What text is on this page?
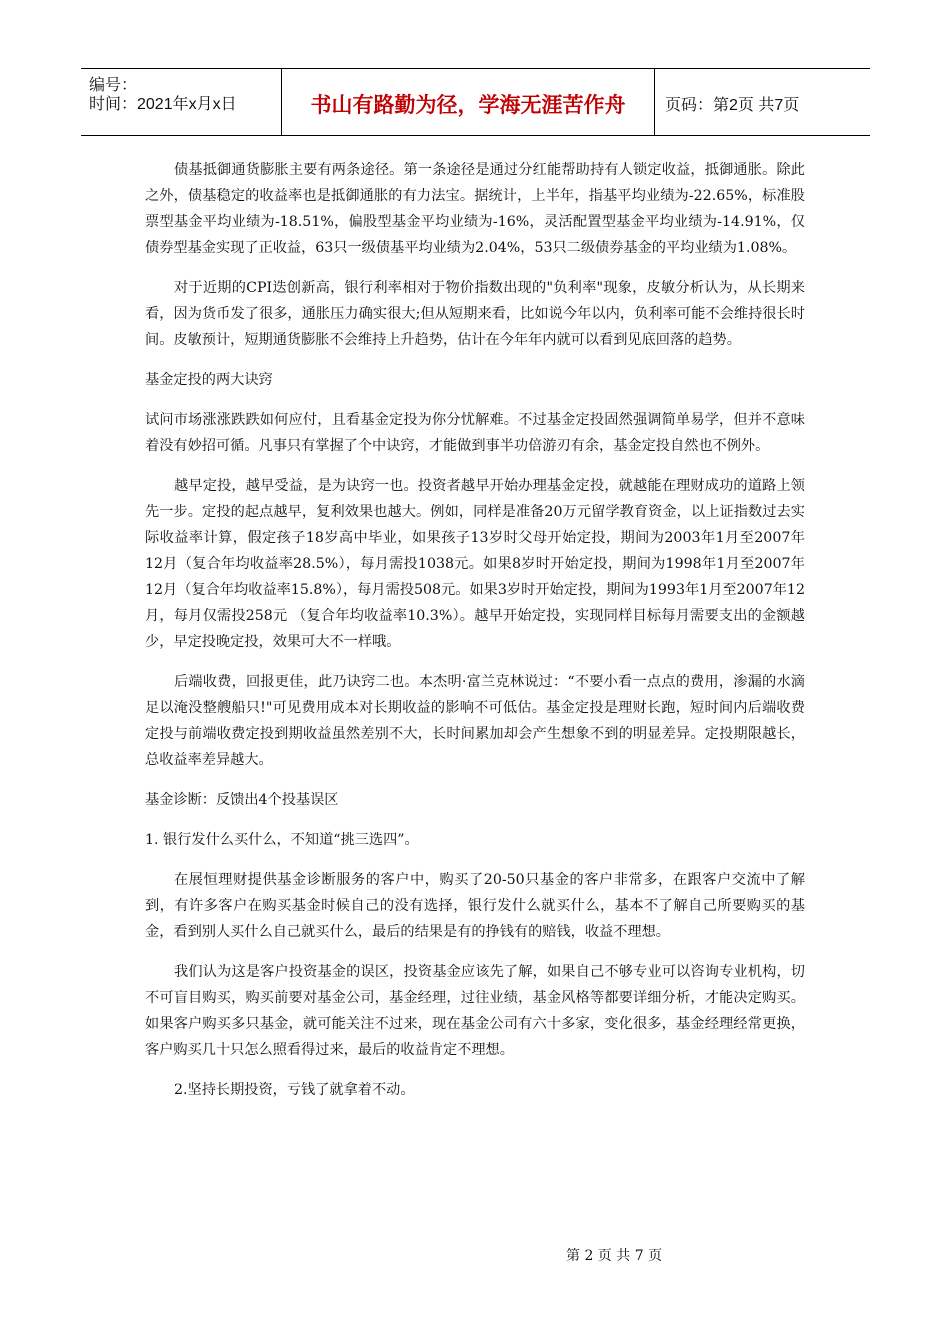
编号：
时间：2021年x月x日	书山有路勤为径，学海无涯苦作舟	页码：第2页 共7页

债基抵御通货膨胀主要有两条途径。第一条途径是通过分红能帮助持有人锁定收益，抵御通胀。除此之外，债基稳定的收益率也是抵御通胀的有力法宝。据统计，上半年，指基平均业绩为-22.65%，标准股票型基金平均业绩为-18.51%，偏股型基金平均业绩为-16%，灵活配置型基金平均业绩为-14.91%，仅债券型基金实现了正收益，63只一级债基平均业绩为2.04%，53只二级债券基金的平均业绩为1.08%。

对于近期的CPI迭创新高，银行利率相对于物价指数出现的"负利率"现象，皮敏分析认为，从长期来看，因为货币发了很多，通胀压力确实很大;但从短期来看，比如说今年以内，负利率可能不会维持很长时间。皮敏预计，短期通货膨胀不会维持上升趋势，估计在今年年内就可以看到见底回落的趋势。

基金定投的两大诀窍

试问市场涨涨跌跌如何应付，且看基金定投为你分忧解难。不过基金定投固然强调简单易学，但并不意味着没有妙招可循。凡事只有掌握了个中诀窍，才能做到事半功倍游刃有余，基金定投自然也不例外。

越早定投，越早受益，是为诀窍一也。投资者越早开始办理基金定投，就越能在理财成功的道路上领先一步。定投的起点越早，复利效果也越大。例如，同样是准备20万元留学教育资金，以上证指数过去实际收益率计算，假定孩子18岁高中毕业，如果孩子13岁时父母开始定投，期间为2003年1月至2007年12月（复合年均收益率28.5%），每月需投1038元。如果8岁时开始定投，期间为1998年1月至2007年12月（复合年均收益率15.8%），每月需投508元。如果3岁时开始定投，期间为1993年1月至2007年12月，每月仅需投258元 （复合年均收益率10.3%）。越早开始定投，实现同样目标每月需要支出的金额越少，早定投晚定投，效果可大不一样哦。

后端收费，回报更佳，此乃诀窍二也。本杰明·富兰克林说过：“不要小看一点点的费用，渗漏的水滴足以淹没整艘船只!"可见费用成本对长期收益的影响不可低估。基金定投是理财长跑，短时间内后端收费定投与前端收费定投到期收益虽然差别不大，长时间累加却会产生想象不到的明显差异。定投期限越长，总收益率差异越大。

基金诊断：反馈出4个投基误区

1. 银行发什么买什么，不知道“挑三选四”。

在展恒理财提供基金诊断服务的客户中，购买了20-50只基金的客户非常多，在跟客户交流中了解到，有许多客户在购买基金时候自己的没有选择，银行发什么就买什么，基本不了解自己所要购买的基金，看到别人买什么自己就买什么，最后的结果是有的挣钱有的赔钱，收益不理想。

我们认为这是客户投资基金的误区，投资基金应该先了解，如果自己不够专业可以咨询专业机构，切不可盲目购买，购买前要对基金公司，基金经理，过往业绩，基金风格等都要详细分析，才能决定购买。如果客户购买多只基金，就可能关注不过来，现在基金公司有六十多家，变化很多，基金经理经常更换，客户购买几十只怎么照看得过来，最后的收益肯定不理想。

2.坚持长期投资，亏钱了就拿着不动。

第 2 页 共 7 页
